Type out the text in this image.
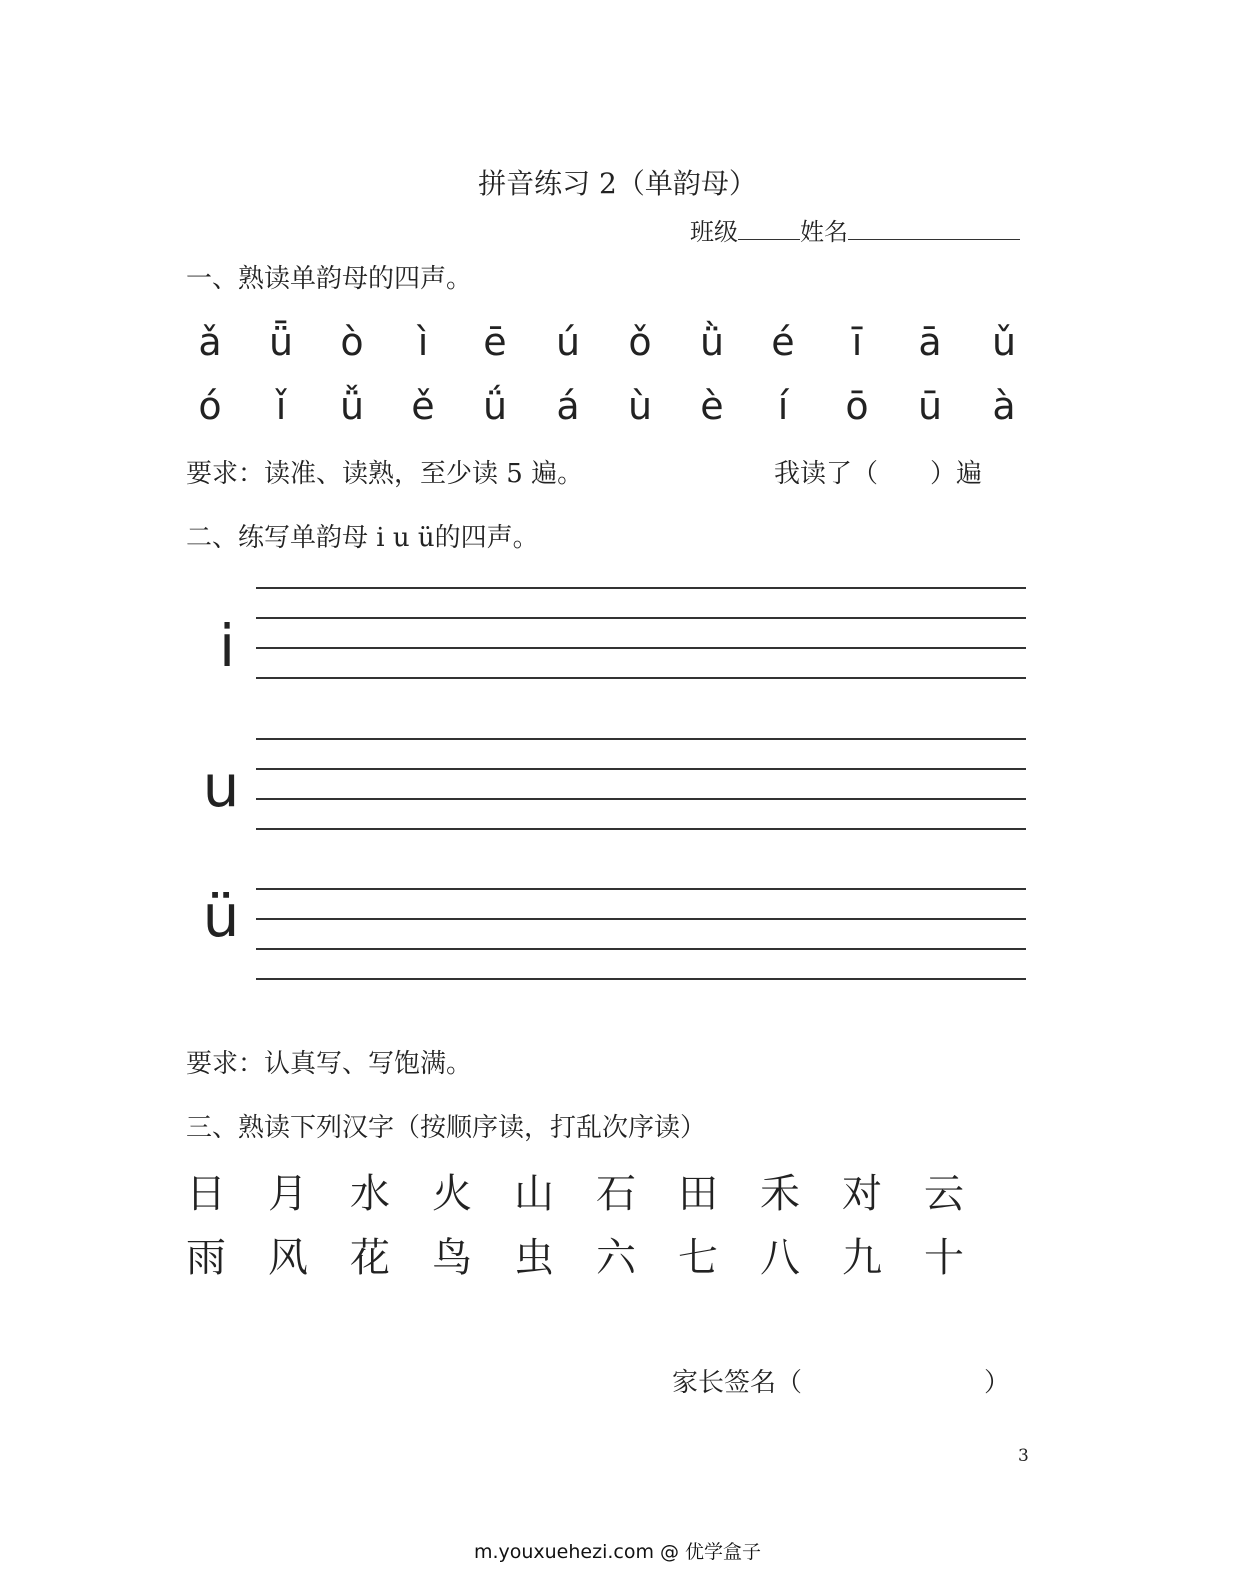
拼音练习 2（单韵母）
班级	姓名
一、熟读单韵母的四声。
ǎ	ǖ	ò	ì	ē	ú	ǒ	ǜ	é	ī	ā	ǔ
ó	ǐ	ǚ	ě	ǘ	á	ù	è	í	ō	ū	à
要求：读准、读熟，至少读 5 遍。	我读了（　　）遍
二、练写单韵母 i u ü的四声。
i
u
ü
要求：认真写、写饱满。
三、熟读下列汉字（按顺序读，打乱次序读）
日	月	水	火	山	石	田	禾	对	云
雨	风	花	鸟	虫	六	七	八	九	十
家长签名（　　　　　　　）
3
m.youxuehezi.com @ 优学盒子
